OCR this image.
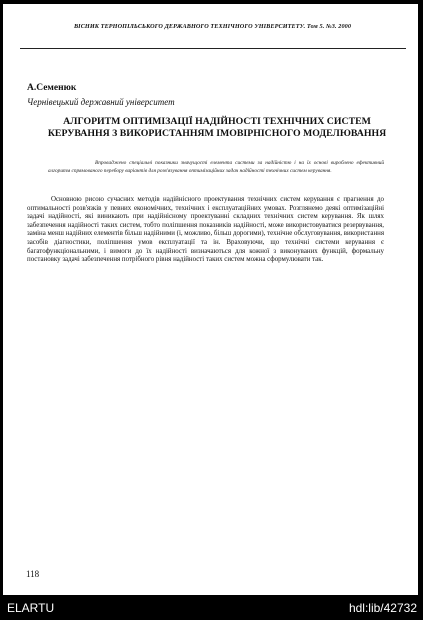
ВІСНИК ТЕРНОПІЛЬСЬКОГО ДЕРЖАВНОГО ТЕХНІЧНОГО УНІВЕРСИТЕТУ. Том 5. №3. 2000
А.Семенюк
Чернівецький державний університет
АЛГОРИТМ ОПТИМІЗАЦІЇ НАДІЙНОСТІ ТЕХНІЧНИХ СИСТЕМ КЕРУВАННЯ З ВИКОРИСТАННЯМ ІМОВІРНІСНОГО МОДЕЛЮВАННЯ
Впроваджено спеціальні показники значущості елемента системи за надійністю і на їх основі вироблено ефективний алгоритм спрямованого перебору варіантів для розв'язування оптимізаційних задач надійності технічних систем керування.
Основною рисою сучасних методів надійнісного проектування технічних систем керування є прагнення до оптимальності розв'язків у певних економічних, технічних і експлуатаційних умовах. Розглянемо деякі оптимізаційні задачі надійності, які виникають при надійнісному проектуванні складних технічних систем керування. Як шлях забезпечення надійності таких систем, тобто поліпшення показників надійності, може використовуватися резервування, заміна менш надійних елементів більш надійними (і, можливо, більш дорогими), технічне обслуговування, використання засобів діагностики, поліпшення умов експлуатації та ін. Враховуючи, що технічні системи керування є багатофункціональними, і вимоги до їх надійності визначаються для кожної з виконуваних функцій, формальну постановку задачі забезпечення потрібного рівня надійності таких систем можна сформулювати так.
118
ELARTU	hdl:lib/42732
